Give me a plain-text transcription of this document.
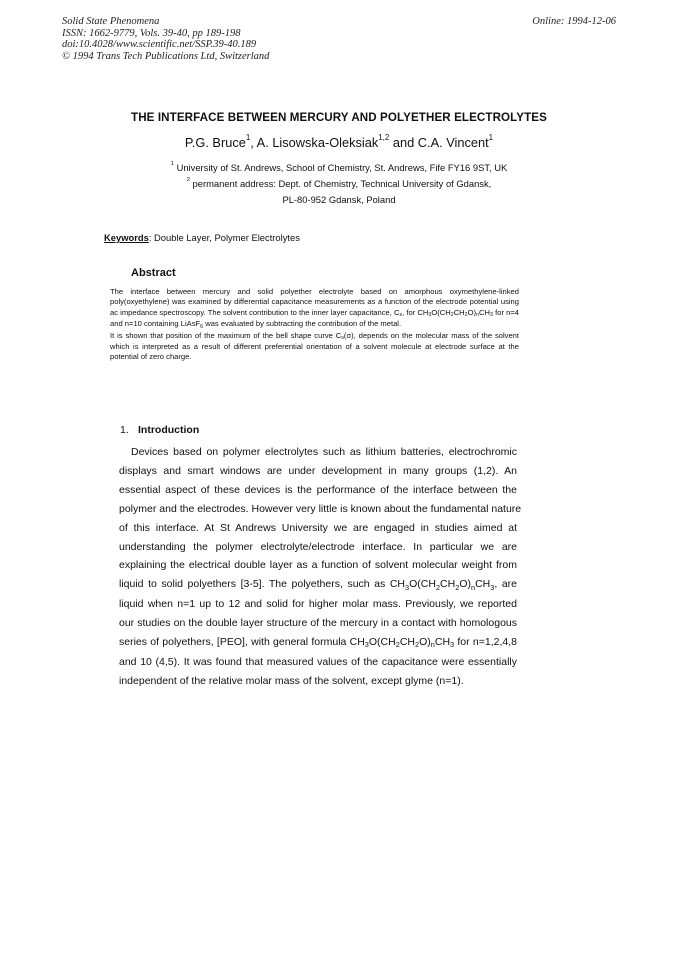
Solid State Phenomena
ISSN: 1662-9779, Vols. 39-40, pp 189-198
doi:10.4028/www.scientific.net/SSP.39-40.189
© 1994 Trans Tech Publications Ltd, Switzerland
Online: 1994-12-06
THE INTERFACE BETWEEN MERCURY AND POLYETHER ELECTROLYTES
P.G. Bruce$^1$, A. Lisowska-Oleksiak$^{1,2}$ and C.A. Vincent$^1$
$^1$ University of St. Andrews, School of Chemistry, St. Andrews, Fife FY16 9ST, UK
$^2$ permanent address: Dept. of Chemistry, Technical University of Gdansk,
PL-80-952 Gdansk, Poland
Keywords: Double Layer, Polymer Electrolytes
Abstract

The interface between mercury and solid polyether electrolyte based on amorphous oxymethylene-linked poly(oxyethylene) was examined by differential capacitance measurements as a function of the electrode potential using ac impedance spectroscopy. The solvent contribution to the inner layer capacitance, $C_s$, for $CH_3O(CH_2CH_2O)_nCH_3$ for n=4 and n=10 containing LiAsF$_6$ was evaluated by subtracting the contribution of the metal.

It is shown that position of the maximum of the bell shape curve $C_s(\sigma)$, depends on the molecular mass of the solvent which is interpreted as a result of different preferential orientation of a solvent molecule at electrode surface at the potential of zero charge.

1. Introduction
Devices based on polymer electrolytes such as lithium batteries, electrochromic
displays and smart windows are under development in many groups (1,2). An
essential aspect of these devices is the performance of the interface between the
polymer and the electrodes. However very little is known about the fundamental nature
of this interface. At St Andrews University we are engaged in studies aimed at
understanding the polymer electrolyte/electrode interface. In particular we are
explaining the electrical double layer as a function of solvent molecular weight from
liquid to solid polyethers [3-5]. The polyethers, such as $CH_3O(CH_2CH_2O)_nCH_3$, are
liquid when n=1 up to 12 and solid for higher molar mass. Previously, we reported
our studies on the double layer structure of the mercury in a contact with homologous
series of polyethers, [PEO], with general formula $CH_3O(CH_2CH_2O)_nCH_3$ for n=1,2,4,8
and 10 (4,5). It was found that measured values of the capacitance were essentially
independent of the relative molar mass of the solvent, except glyme (n=1).
